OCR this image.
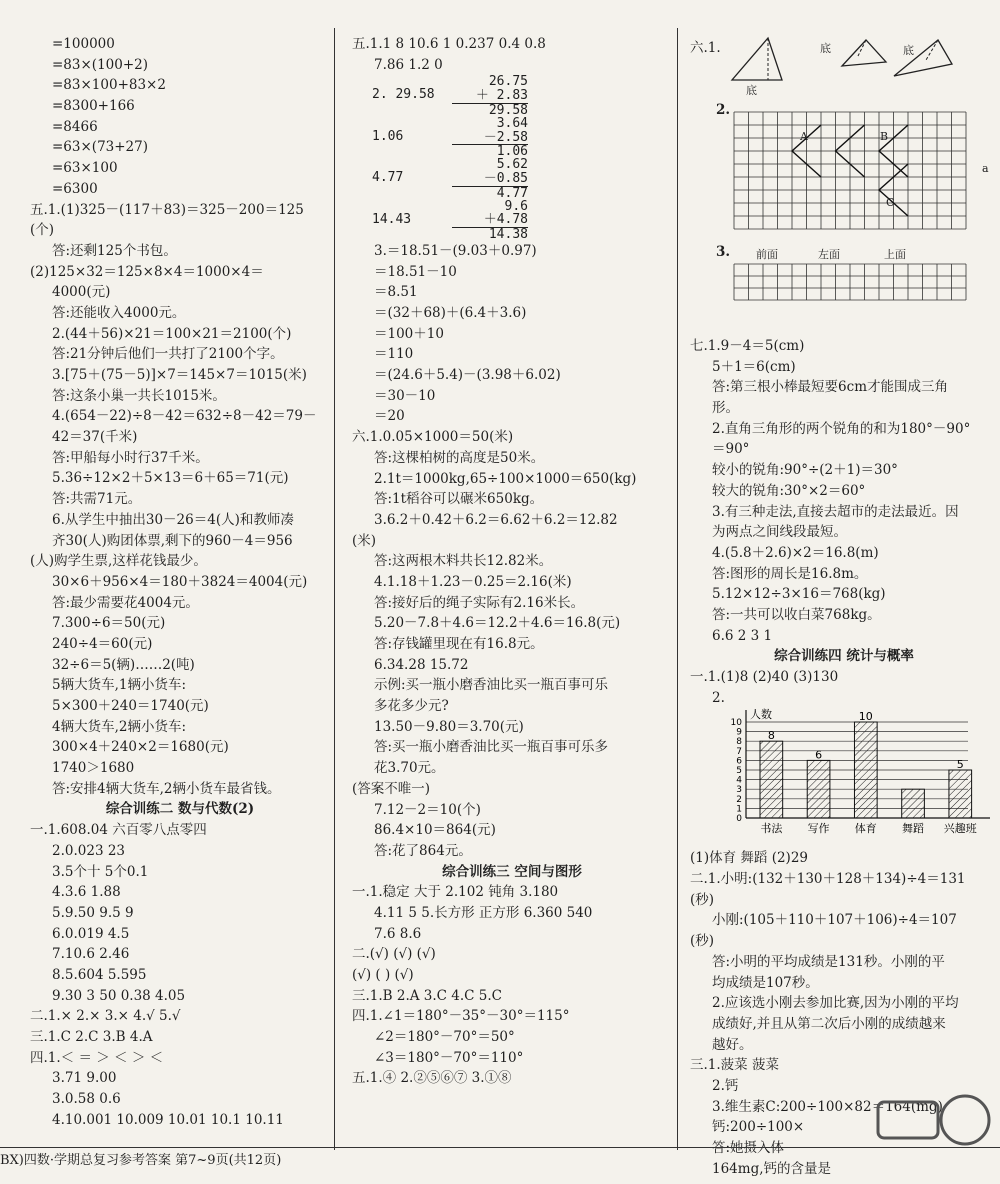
=100000
=83×(100+2)
=83×100+83×2
=8300+166
=8466
=63×(73+27)
=63×100
=6300
五.1.(1)325－(117＋83)＝325－200＝125
(个)
答:还剩125个书包。
(2)125×32＝125×8×4＝1000×4＝
4000(元)
答:还能收入4000元。
2.(44＋56)×21＝100×21＝2100(个)
答:21分钟后他们一共打了2100个字。
3.[75＋(75－5)]×7＝145×7＝1015(米)
答:这条小巢一共长1015米。
4.(654－22)÷8－42＝632÷8－42＝79－
42＝37(千米)
答:甲船每小时行37千米。
5.36÷12×2＋5×13＝6＋65＝71(元)
答:共需71元。
6.从学生中抽出30－26＝4(人)和教师凑
齐30(人)购团体票,剩下的960－4＝956
(人)购学生票,这样花钱最少。
30×6＋956×4＝180＋3824＝4004(元)
答:最少需要花4004元。
7.300÷6＝50(元)
240÷4＝60(元)
32÷6＝5(辆)……2(吨)
5辆大货车,1辆小货车:
5×300＋240＝1740(元)
4辆大货车,2辆小货车:
300×4＋240×2＝1680(元)
1740＞1680
答:安排4辆大货车,2辆小货车最省钱。
综合训练二 数与代数(2)
一.1.608.04 六百零八点零四
2.0.023 23
3.5个十 5个0.1
4.3.6 1.88
5.9.50 9.5 9
6.0.019 4.5
7.10.6 2.46
8.5.604 5.595
9.30 3 50 0.38 4.05
二.1.× 2.× 3.× 4.√ 5.√
三.1.C 2.C 3.B 4.A
四.1.＜ ＝ ＞ ＜ ＞ ＜
3.71 9.00
3.0.58 0.6
4.10.001 10.009 10.01 10.1 10.11
五.1.1 8 10.6 1 0.237 0.4 0.8
7.86 1.2 0
2. 29.58
26.75
＋ 2.83
29.58
1.06
3.64
－2.58
1.06
4.77
5.62
－0.85
4.77
14.43
9.6
＋4.78
14.38
3.＝18.51－(9.03＋0.97)
＝18.51－10
＝8.51
＝(32＋68)＋(6.4＋3.6)
＝100＋10
＝110
＝(24.6＋5.4)－(3.98＋6.02)
＝30－10
＝20
六.1.0.05×1000＝50(米)
答:这棵柏树的高度是50米。
2.1t＝1000kg,65÷100×1000＝650(kg)
答:1t稻谷可以碾米650kg。
3.6.2＋0.42＋6.2＝6.62＋6.2＝12.82
(米)
答:这两根木料共长12.82米。
4.1.18＋1.23－0.25＝2.16(米)
答:接好后的绳子实际有2.16米长。
5.20－7.8＋4.6＝12.2＋4.6＝16.8(元)
答:存钱罐里现在有16.8元。
6.34.28 15.72
示例:买一瓶小磨香油比买一瓶百事可乐
多花多少元?
13.50－9.80＝3.70(元)
答:买一瓶小磨香油比买一瓶百事可乐多
花3.70元。
(答案不唯一)
7.12－2＝10(个)
86.4×10＝864(元)
答:花了864元。
综合训练三 空间与图形
一.1.稳定 大于 2.102 钝角 3.180
4.11 5 5.长方形 正方形 6.360 540
7.6 8.6
二.(√) (√) (√)
(√) ( ) (√)
三.1.B 2.A 3.C 4.C 5.C
四.1.∠1＝180°－35°－30°＝115°
∠2＝180°－70°＝50°
∠3＝180°－70°＝110°
五.1.④ 2.②⑤⑥⑦ 3.①⑧
六.1.
底
底	底
2.
A	B
C
a
3. 前面	左面	上面
七.1.9－4＝5(cm)
5＋1＝6(cm)
答:第三根小棒最短要6cm才能围成三角
形。
2.直角三角形的两个锐角的和为180°－90°
＝90°
较小的锐角:90°÷(2＋1)＝30°
较大的锐角:30°×2＝60°
3.有三种走法,直接去超市的走法最近。因
为两点之间线段最短。
4.(5.8＋2.6)×2＝16.8(m)
答:图形的周长是16.8m。
5.12×12÷3×16＝768(kg)
答:一共可以收白菜768kg。
6.6 2 3 1
综合训练四 统计与概率
一.1.(1)8 (2)40 (3)130
2.
0
1
2
3
4
5
6
7
8
9
10
人数
8
书法
6
写作
10
体育 舞蹈
5
兴趣班
(1)体育 舞蹈 (2)29
二.1.小明:(132＋130＋128＋134)÷4＝131
(秒)
小刚:(105＋110＋107＋106)÷4＝107
(秒)
答:小明的平均成绩是131秒。小刚的平
均成绩是107秒。
2.应该选小刚去参加比赛,因为小刚的平均
成绩好,并且从第二次后小刚的成绩越来
越好。
三.1.菠菜 菠菜
2.钙
3.维生素C:200÷100×82＝164(mg)
钙:200÷100×
答:她摄入体
164mg,钙的含量是
BX)四数·学期总复习参考答案 第7~9页(共12页)
